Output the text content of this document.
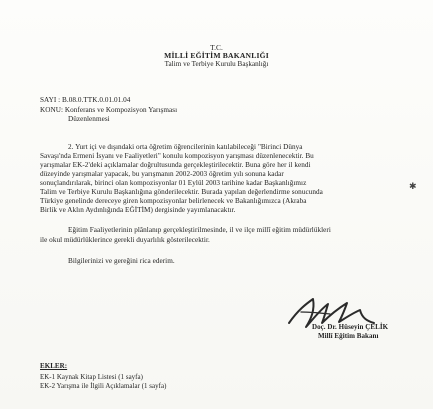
T.C.
MİLLİ EĞİTİM BAKANLIĞI
Talim ve Terbiye Kurulu Başkanlığı
SAYI : B.08.0.TTK.0.01.01.04
KONU: Konferans ve Kompozisyon Yarışması
Düzenlenmesi
2. Yurt içi ve dışındaki orta öğretim öğrencilerinin katılabileceği "Birinci Dünya
Savaşı'nda Ermeni İsyanı ve Faaliyetleri" konulu kompozisyon yarışması düzenlenecektir. Bu
yarışmalar EK-2'deki açıklamalar doğrultusunda gerçekleştirilecektir. Buna göre her il kendi
düzeyinde yarışmalar yapacak, bu yarışmanın 2002-2003 öğretim yılı sonuna kadar
sonuçlandırılarak, birinci olan kompozisyonlar 01 Eylül 2003 tarihine kadar Başkanlığımız
Talim ve Terbiye Kurulu Başkanlığına gönderilecektir. Burada yapılan değerlendirme sonucunda
Türkiye genelinde dereceye giren kompozisyonlar belirlenecek ve Bakanlığımızca (Akraba
Birlik ve Aklın Aydınlığında EĞİTİM) dergisinde yayımlanacaktır.
✱
Eğitim Faaliyetlerinin plânlanıp gerçekleştirilmesinde, il ve ilçe millî eğitim müdürlükleri
ile okul müdürlüklerince gerekli duyarlılık gösterilecektir.
Bilgilerinizi ve gereğini rica ederim.
Doç. Dr. Hüseyin ÇELİK
Millî Eğitim Bakanı
EKLER:
EK-1 Kaynak Kitap Listesi (1 sayfa)
EK-2 Yarışma ile İlgili Açıklamalar (1 sayfa)
